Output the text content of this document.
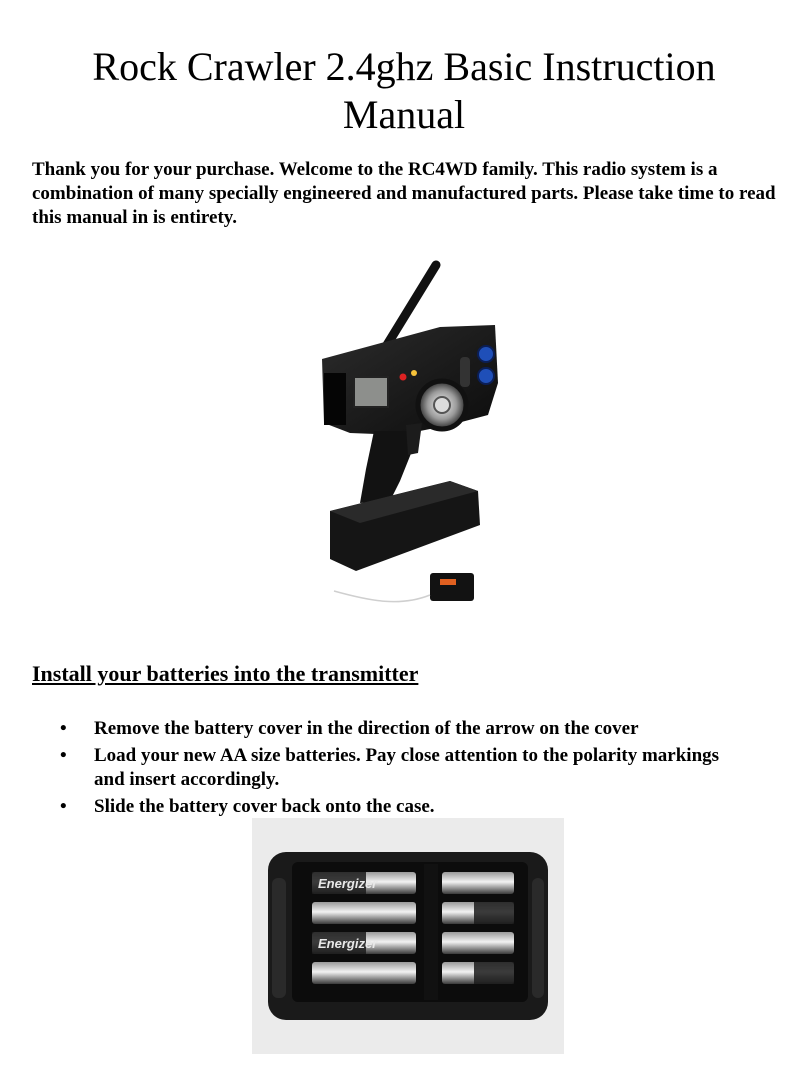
Rock Crawler 2.4ghz Basic Instruction Manual

Thank you for your purchase. Welcome to the RC4WD family. This radio system is a combination of many specially engineered and manufactured parts. Please take time to read this manual in is entirety.

Install your batteries into the transmitter
• Remove the battery cover in the direction of the arrow on the cover
• Load your new AA size batteries. Pay close attention to the polarity markings and insert accordingly.
• Slide the battery cover back onto the case.
Energizer
Energizer
